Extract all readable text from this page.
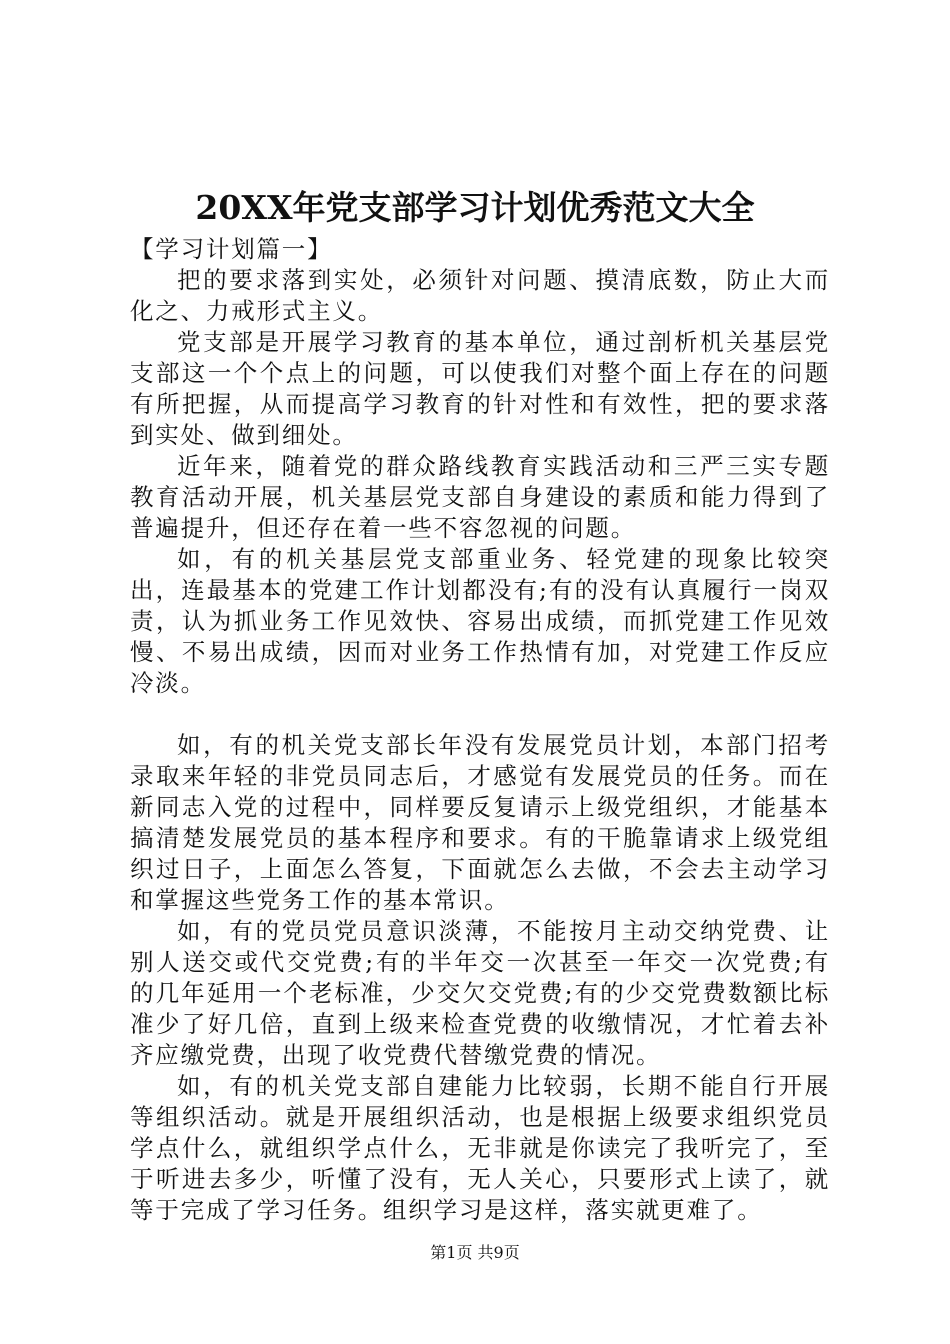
20XX年党支部学习计划优秀范文大全

【学习计划篇一】

把的要求落到实处，必须针对问题、摸清底数，防止大而化之、力戒形式主义。

党支部是开展学习教育的基本单位，通过剖析机关基层党支部这一个个点上的问题，可以使我们对整个面上存在的问题有所把握，从而提高学习教育的针对性和有效性，把的要求落到实处、做到细处。

近年来，随着党的群众路线教育实践活动和三严三实专题教育活动开展，机关基层党支部自身建设的素质和能力得到了普遍提升，但还存在着一些不容忽视的问题。

如，有的机关基层党支部重业务、轻党建的现象比较突出，连最基本的党建工作计划都没有;有的没有认真履行一岗双责，认为抓业务工作见效快、容易出成绩，而抓党建工作见效慢、不易出成绩，因而对业务工作热情有加，对党建工作反应冷淡。

如，有的机关党支部长年没有发展党员计划，本部门招考录取来年轻的非党员同志后，才感觉有发展党员的任务。而在新同志入党的过程中，同样要反复请示上级党组织，才能基本搞清楚发展党员的基本程序和要求。有的干脆靠请求上级党组织过日子，上面怎么答复，下面就怎么去做，不会去主动学习和掌握这些党务工作的基本常识。

如，有的党员党员意识淡薄，不能按月主动交纳党费、让别人送交或代交党费;有的半年交一次甚至一年交一次党费;有的几年延用一个老标准，少交欠交党费;有的少交党费数额比标准少了好几倍，直到上级来检查党费的收缴情况，才忙着去补齐应缴党费，出现了收党费代替缴党费的情况。

如，有的机关党支部自建能力比较弱，长期不能自行开展等组织活动。就是开展组织活动，也是根据上级要求组织党员学点什么，就组织学点什么，无非就是你读完了我听完了，至于听进去多少，听懂了没有，无人关心，只要形式上读了，就等于完成了学习任务。组织学习是这样，落实就更难了。

第1页 共9页
